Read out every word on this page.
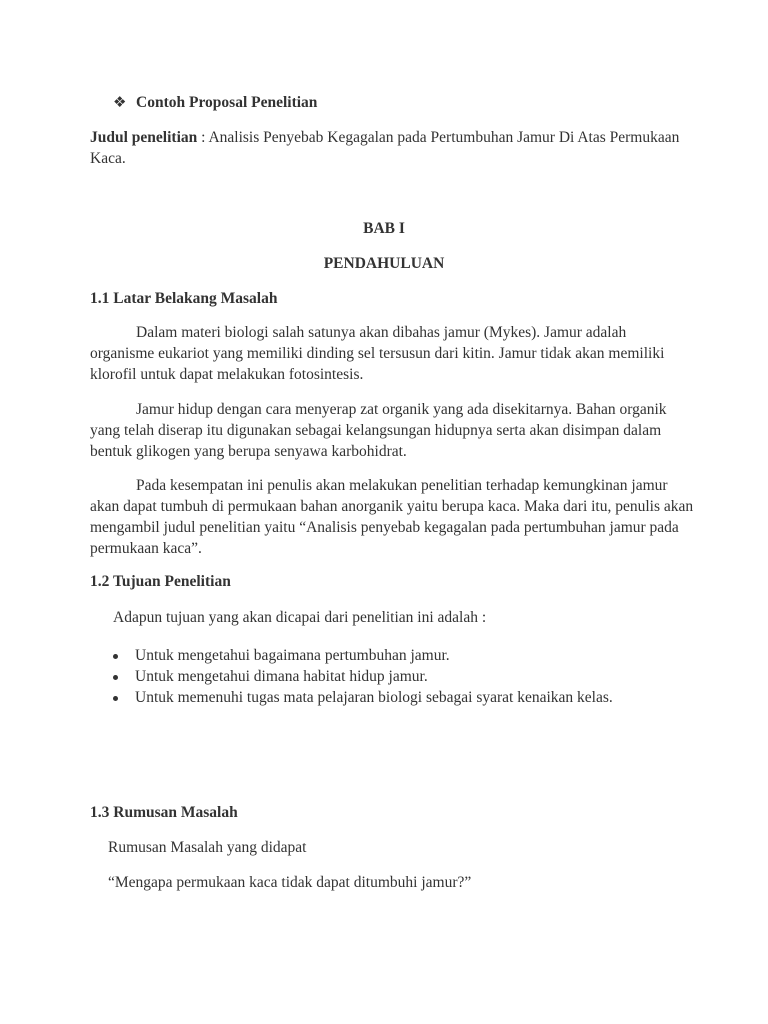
❖ Contoh Proposal Penelitian
Judul penelitian : Analisis Penyebab Kegagalan pada Pertumbuhan Jamur Di Atas Permukaan
Kaca.
BAB I
PENDAHULUAN
1.1 Latar Belakang Masalah
Dalam materi biologi salah satunya akan dibahas jamur (Mykes). Jamur adalah
organisme eukariot yang memiliki dinding sel tersusun dari kitin. Jamur tidak akan memiliki
klorofil untuk dapat melakukan fotosintesis.
Jamur hidup dengan cara menyerap zat organik yang ada disekitarnya. Bahan organik
yang telah diserap itu digunakan sebagai kelangsungan hidupnya serta akan disimpan dalam
bentuk glikogen yang berupa senyawa karbohidrat.
Pada kesempatan ini penulis akan melakukan penelitian terhadap kemungkinan jamur
akan dapat tumbuh di permukaan bahan anorganik yaitu berupa kaca. Maka dari itu, penulis akan
mengambil judul penelitian yaitu “Analisis penyebab kegagalan pada pertumbuhan jamur pada
permukaan kaca”.
1.2 Tujuan Penelitian
Adapun tujuan yang akan dicapai dari penelitian ini adalah :
Untuk mengetahui bagaimana pertumbuhan jamur.
Untuk mengetahui dimana habitat hidup jamur.
Untuk memenuhi tugas mata pelajaran biologi sebagai syarat kenaikan kelas.
1.3 Rumusan Masalah
Rumusan Masalah yang didapat
“Mengapa permukaan kaca tidak dapat ditumbuhi jamur?”
